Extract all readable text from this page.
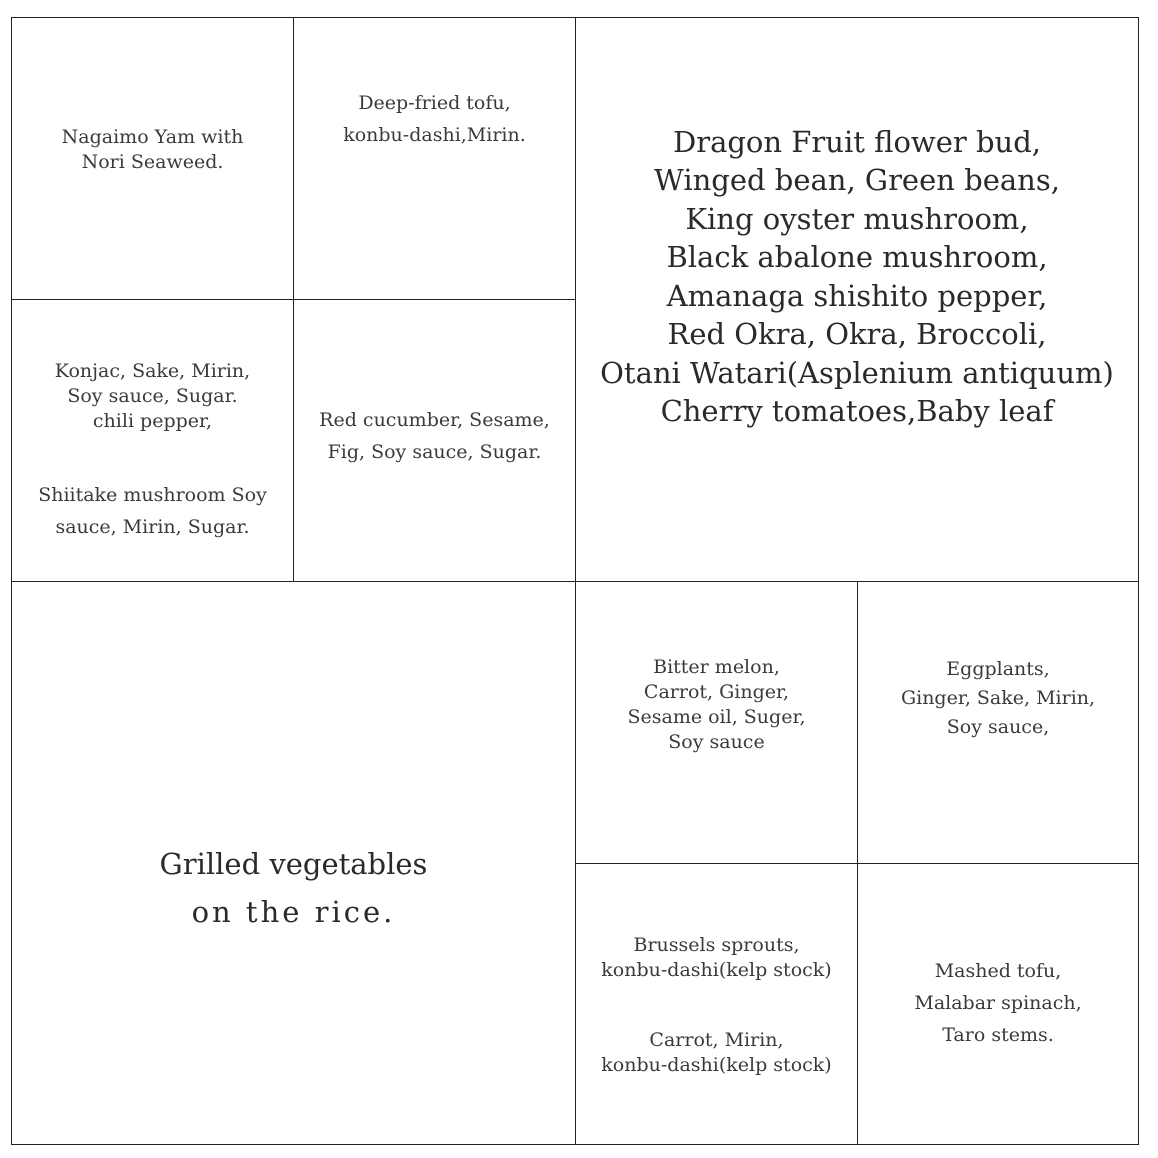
Nagaimo Yam with
Nori Seaweed.
Deep-fried tofu,
konbu-dashi,Mirin.	Dragon Fruit flower bud,
Winged bean, Green beans,
King oyster mushroom,
Black abalone mushroom,
Amanaga shishito pepper,
Red Okra, Okra, Broccoli,
Otani Watari(Asplenium antiquum)
Cherry tomatoes,Baby leaf
Konjac, Sake, Mirin,
Soy sauce, Sugar.
chili pepper,
Shiitake mushroom Soy
sauce, Mirin, Sugar.
Red cucumber, Sesame,
Fig, Soy sauce, Sugar.
Grilled vegetables
on the rice.
Bitter melon,
Carrot, Ginger,
Sesame oil, Suger,
Soy sauce
Eggplants,
Ginger, Sake, Mirin,
Soy sauce,
Brussels sprouts,
konbu-dashi(kelp stock)
Carrot, Mirin,
konbu-dashi(kelp stock)
Mashed tofu,
Malabar spinach,
Taro stems.
